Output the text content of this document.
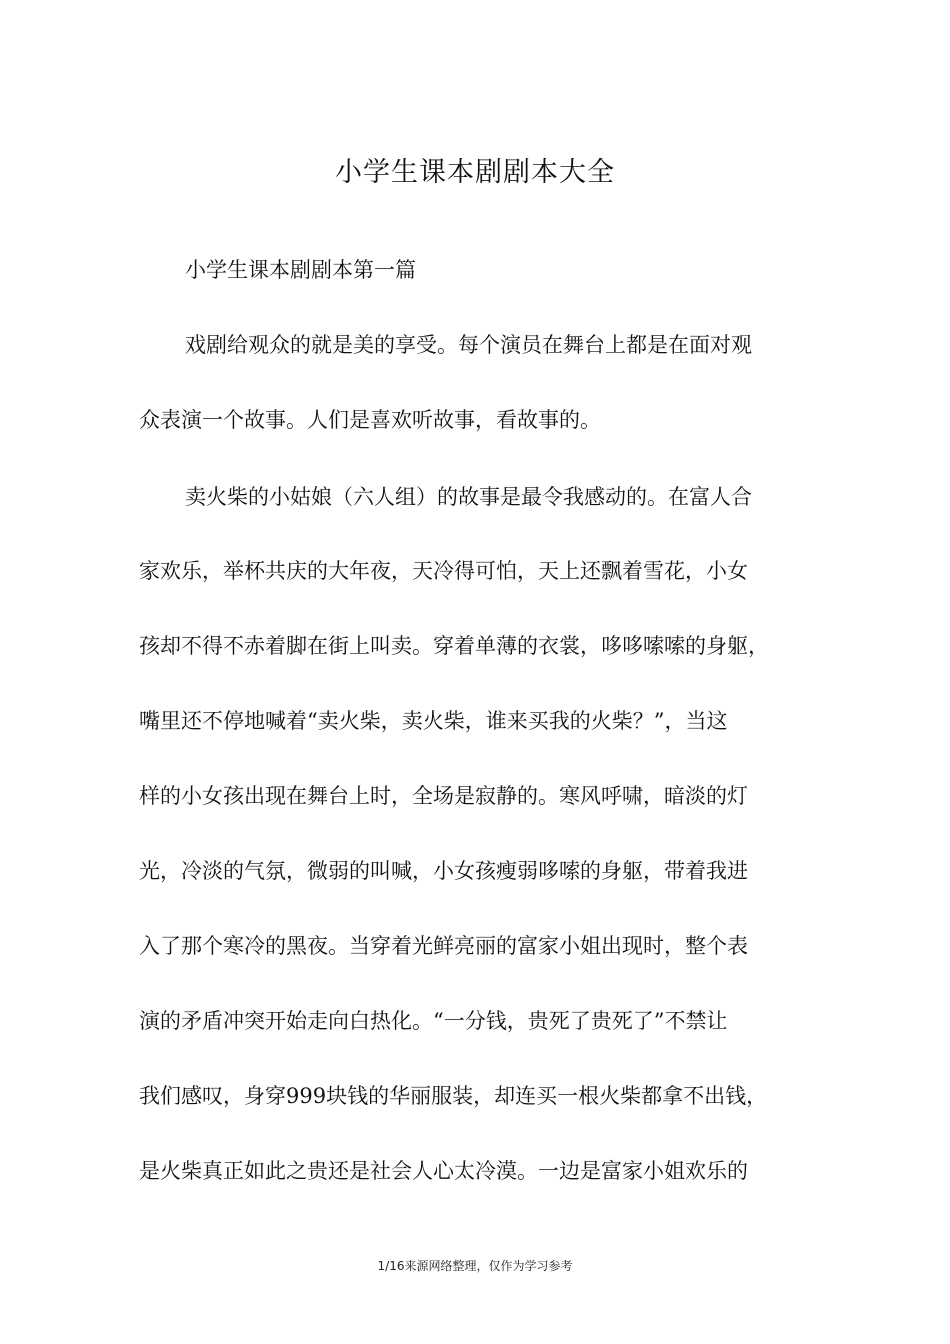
小学生课本剧剧本大全
小学生课本剧剧本第一篇
戏剧给观众的就是美的享受。每个演员在舞台上都是在面对观
众表演一个故事。人们是喜欢听故事，看故事的。
卖火柴的小姑娘（六人组）的故事是最令我感动的。在富人合
家欢乐，举杯共庆的大年夜，天冷得可怕，天上还飘着雪花，小女
孩却不得不赤着脚在街上叫卖。穿着单薄的衣裳，哆哆嗦嗦的身躯，
嘴里还不停地喊着“卖火柴，卖火柴，谁来买我的火柴？”，当这
样的小女孩出现在舞台上时，全场是寂静的。寒风呼啸，暗淡的灯
光，冷淡的气氛，微弱的叫喊，小女孩瘦弱哆嗦的身躯，带着我进
入了那个寒冷的黑夜。当穿着光鲜亮丽的富家小姐出现时，整个表
演的矛盾冲突开始走向白热化。“一分钱，贵死了贵死了”不禁让
我们感叹，身穿999块钱的华丽服装，却连买一根火柴都拿不出钱，
是火柴真正如此之贵还是社会人心太冷漠。一边是富家小姐欢乐的
1/16来源网络整理，仅作为学习参考
